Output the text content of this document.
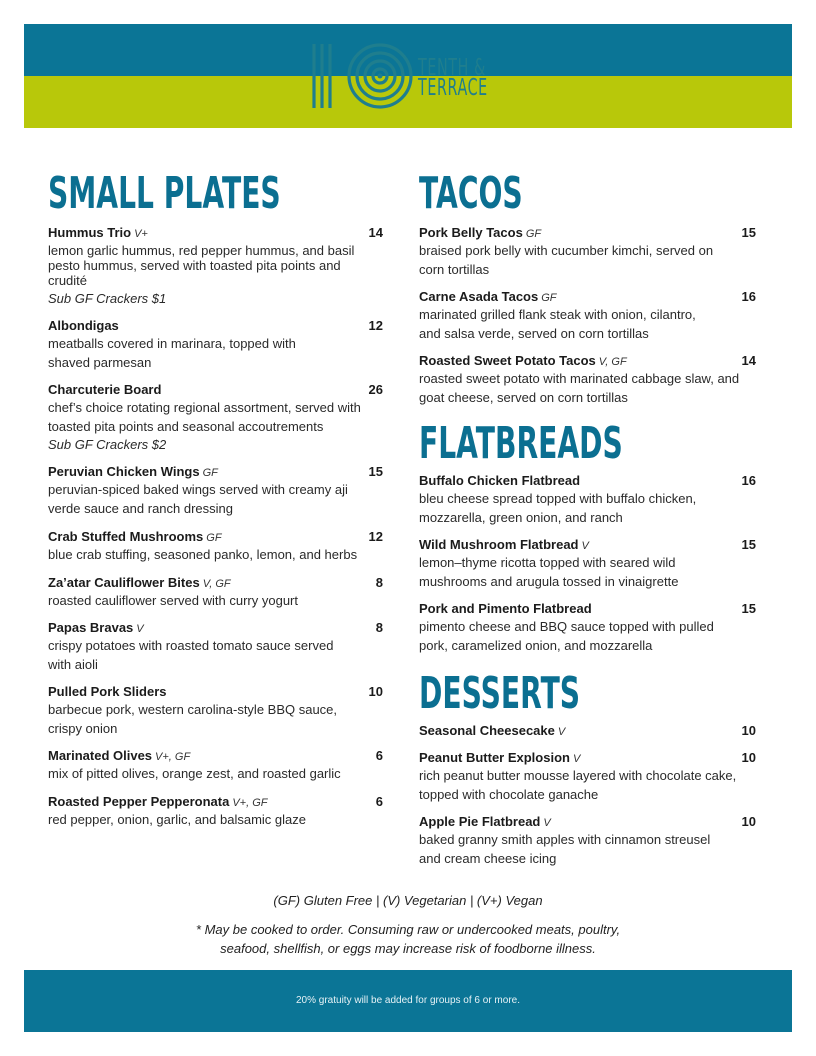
TENTH &
TERRACE
SMALL PLATES
Hummus Trio V+	14
lemon garlic hummus, red pepper hummus, and basil pesto hummus, served with toasted pita points and crudité
Sub GF Crackers $1
Albondigas	12
meatballs covered in marinara, topped with shaved parmesan
Charcuterie Board	26
chef’s choice rotating regional assortment, served with toasted pita points and seasonal accoutrements
Sub GF Crackers $2
Peruvian Chicken Wings GF	15
peruvian-spiced baked wings served with creamy aji verde sauce and ranch dressing
Crab Stuffed Mushrooms GF	12
blue crab stuffing, seasoned panko, lemon, and herbs
Za’atar Cauliflower Bites V, GF	8
roasted cauliflower served with curry yogurt
Papas Bravas V	8
crispy potatoes with roasted tomato sauce served with aioli
Pulled Pork Sliders	10
barbecue pork, western carolina-style BBQ sauce, crispy onion
Marinated Olives V+, GF	6
mix of pitted olives, orange zest, and roasted garlic
Roasted Pepper Pepperonata V+, GF	6
red pepper, onion, garlic, and balsamic glaze
TACOS
Pork Belly Tacos GF	15
braised pork belly with cucumber kimchi, served on corn tortillas
Carne Asada Tacos GF	16
marinated grilled flank steak with onion, cilantro, and salsa verde, served on corn tortillas
Roasted Sweet Potato Tacos V, GF	14
roasted sweet potato with marinated cabbage slaw, and goat cheese, served on corn tortillas
FLATBREADS
Buffalo Chicken Flatbread	16
bleu cheese spread topped with buffalo chicken, mozzarella, green onion, and ranch
Wild Mushroom Flatbread V	15
lemon–thyme ricotta topped with seared wild mushrooms and arugula tossed in vinaigrette
Pork and Pimento Flatbread	15
pimento cheese and BBQ sauce topped with pulled pork, caramelized onion, and mozzarella
DESSERTS
Seasonal Cheesecake V	10
Peanut Butter Explosion V	10
rich peanut butter mousse layered with chocolate cake, topped with chocolate ganache
Apple Pie Flatbread V	10
baked granny smith apples with cinnamon streusel and cream cheese icing
(GF) Gluten Free | (V) Vegetarian | (V+) Vegan
* May be cooked to order. Consuming raw or undercooked meats, poultry,
seafood, shellfish, or eggs may increase risk of foodborne illness.
20% gratuity will be added for groups of 6 or more.
